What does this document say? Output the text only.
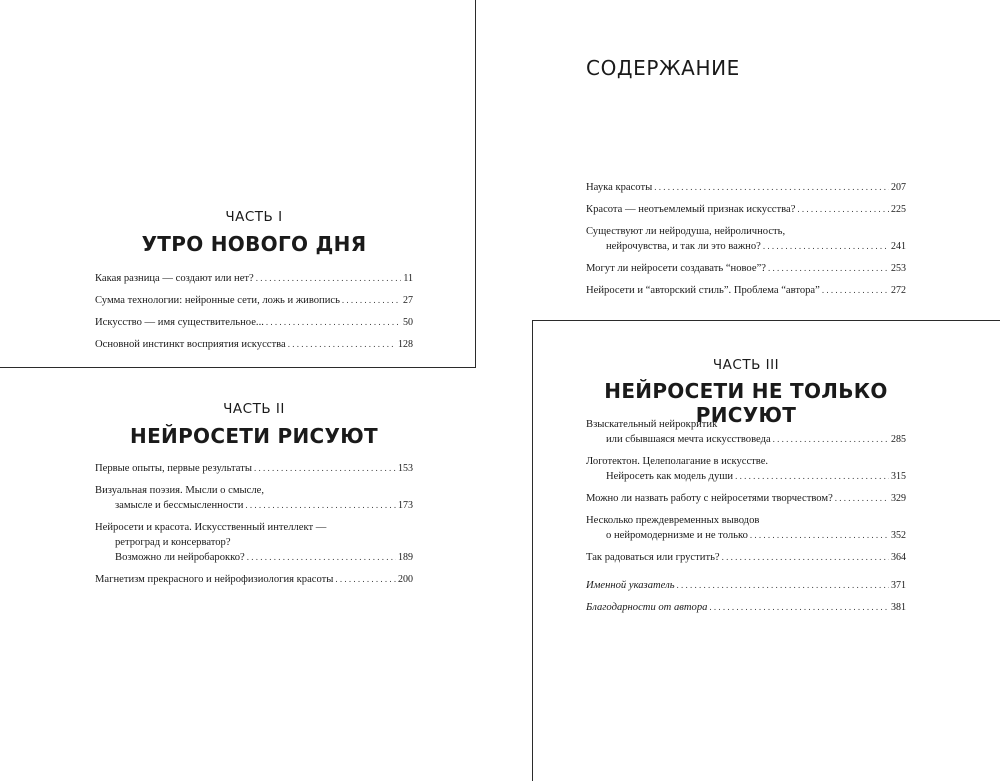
ЧАСТЬ I
УТРО НОВОГО ДНЯ
Какая разница — создают или нет? . . .	11
Сумма технологии: нейронные сети, ложь и живопись . . .	27
Искусство — имя существительное... . . .	50
Основной инстинкт восприятия искусства . . .	128
ЧАСТЬ II
НЕЙРОСЕТИ РИСУЮТ
Первые опыты, первые результаты . . .	153
Визуальная поэзия. Мысли о смысле,
замысле и бессмысленности . . .	173
Нейросети и красота. Искусственный интеллект —
ретроград и консерватор?
Возможно ли нейробарокко? . . .	189
Магнетизм прекрасного и нейрофизиология красоты . . .	200
СОДЕРЖАНИЕ
Наука красоты . . .	207
Красота — неотъемлемый признак искусства? . . .	225
Существуют ли нейродуша, нейроличность,
нейрочувства, и так ли это важно? . . .	241
Могут ли нейросети создавать “новое”? . . .	253
Нейросети и “авторский стиль”. Проблема “автора” . . .	272
ЧАСТЬ III
НЕЙРОСЕТИ НЕ ТОЛЬКО РИСУЮТ
Взыскательный нейрокритик
или сбывшаяся мечта искусствоведа . . .	285
Логотектон. Целеполагание в искусстве.
Нейросеть как модель души . . .	315
Можно ли назвать работу с нейросетями творчеством? . . .	329
Несколько преждевременных выводов
о нейромодернизме и не только . . .	352
Так радоваться или грустить? . . .	364
Именной указатель . . .	371
Благодарности от автора . . .	381
